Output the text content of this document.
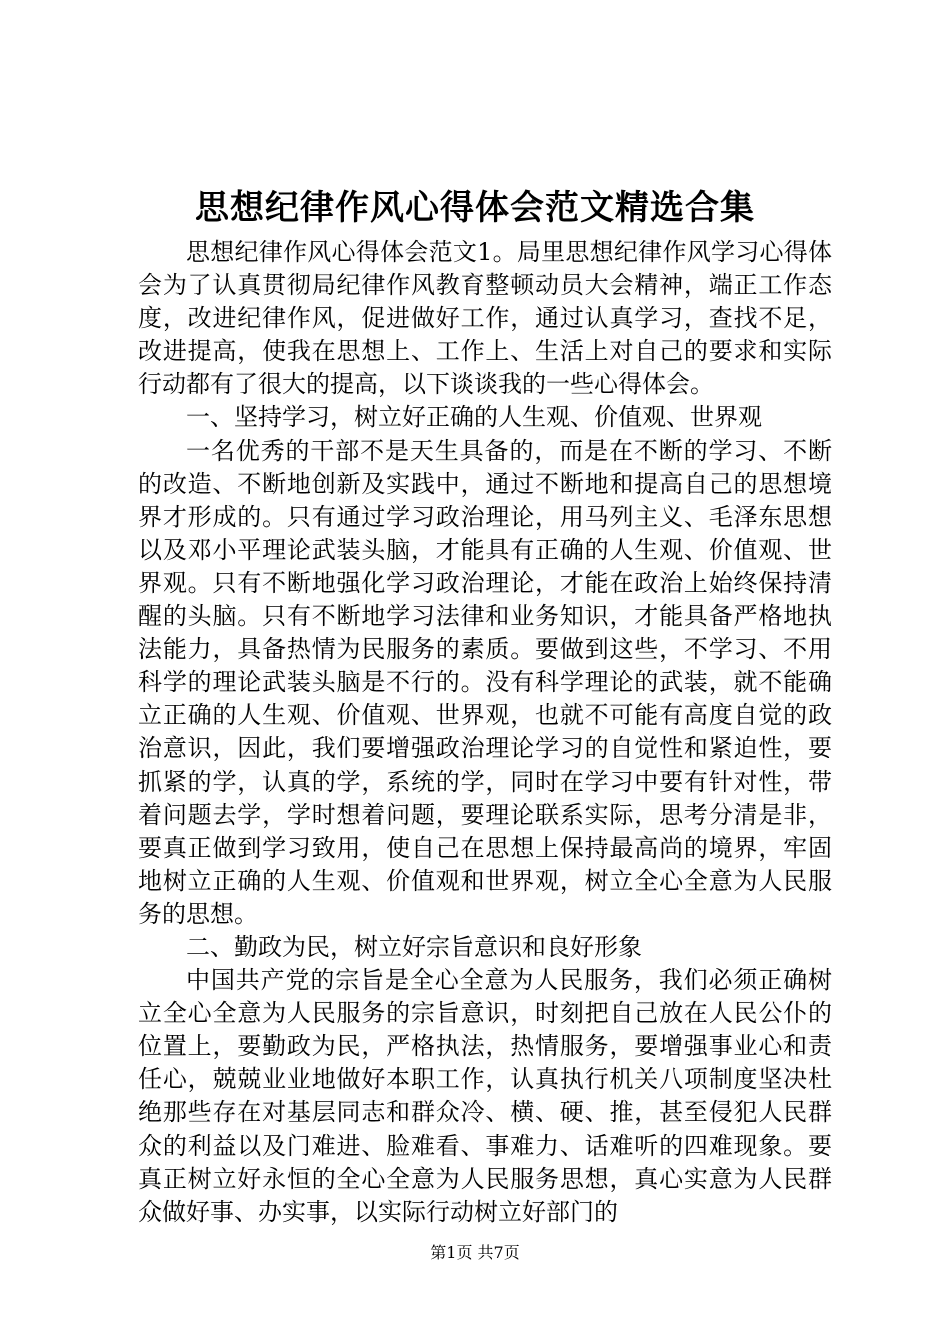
思想纪律作风心得体会范文精选合集

思想纪律作风心得体会范文1。局里思想纪律作风学习心得体会为了认真贯彻局纪律作风教育整顿动员大会精神，端正工作态度，改进纪律作风，促进做好工作，通过认真学习，查找不足，改进提高，使我在思想上、工作上、生活上对自己的要求和实际行动都有了很大的提高，以下谈谈我的一些心得体会。

一、坚持学习，树立好正确的人生观、价值观、世界观

一名优秀的干部不是天生具备的，而是在不断的学习、不断的改造、不断地创新及实践中，通过不断地和提高自己的思想境界才形成的。只有通过学习政治理论，用马列主义、毛泽东思想以及邓小平理论武装头脑，才能具有正确的人生观、价值观、世界观。只有不断地强化学习政治理论，才能在政治上始终保持清醒的头脑。只有不断地学习法律和业务知识，才能具备严格地执法能力，具备热情为民服务的素质。要做到这些，不学习、不用科学的理论武装头脑是不行的。没有科学理论的武装，就不能确立正确的人生观、价值观、世界观，也就不可能有高度自觉的政治意识，因此，我们要增强政治理论学习的自觉性和紧迫性，要抓紧的学，认真的学，系统的学，同时在学习中要有针对性，带着问题去学，学时想着问题，要理论联系实际，思考分清是非，要真正做到学习致用，使自己在思想上保持最高尚的境界，牢固地树立正确的人生观、价值观和世界观，树立全心全意为人民服务的思想。

二、勤政为民，树立好宗旨意识和良好形象

中国共产党的宗旨是全心全意为人民服务，我们必须正确树立全心全意为人民服务的宗旨意识，时刻把自己放在人民公仆的位置上，要勤政为民，严格执法，热情服务，要增强事业心和责任心，兢兢业业地做好本职工作，认真执行机关八项制度坚决杜绝那些存在对基层同志和群众冷、横、硬、推，甚至侵犯人民群众的利益以及门难进、脸难看、事难力、话难听的四难现象。要真正树立好永恒的全心全意为人民服务思想，真心实意为人民群众做好事、办实事，以实际行动树立好部门的

第1页 共7页
